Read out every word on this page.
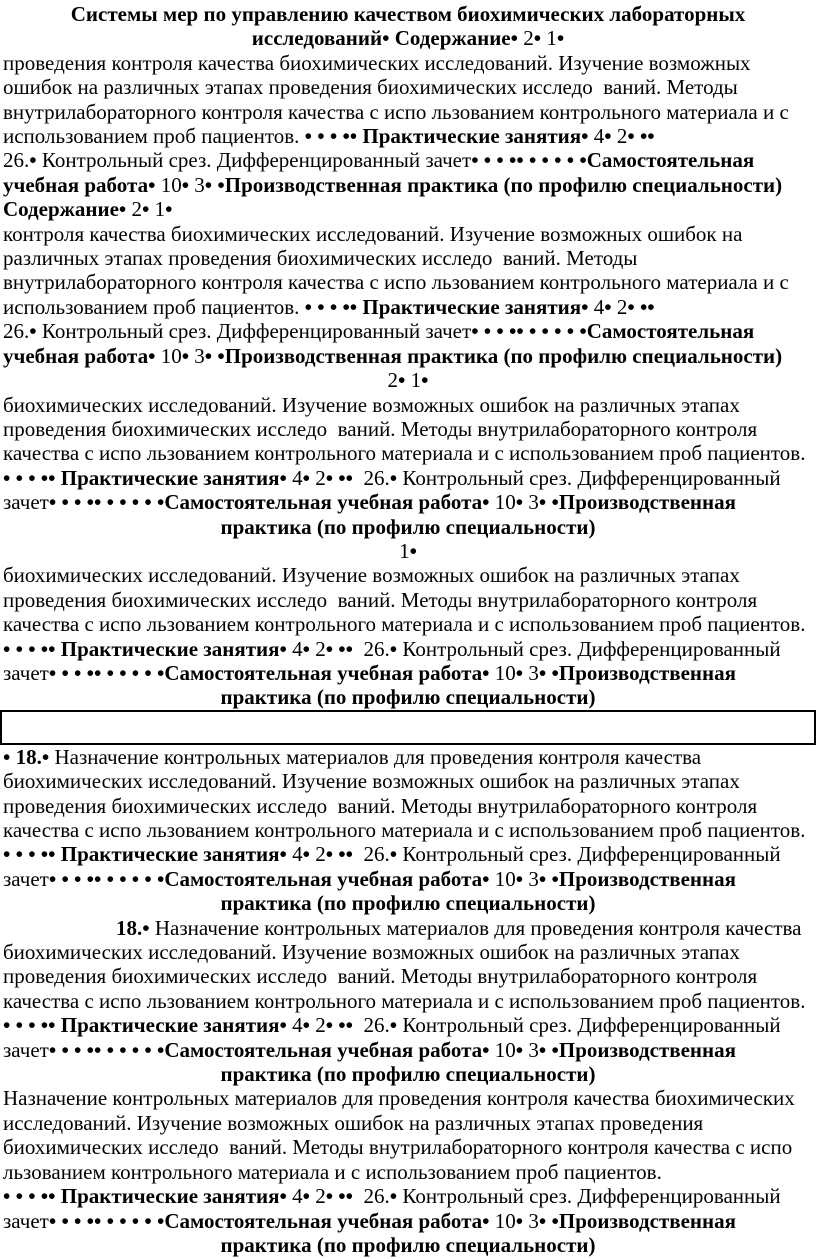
Системы мер по управлению качеством биохимических лабораторных
исследований• Содержание• 2• 1•
проведения контроля качества биохимических исследований. Изучение возможных
ошибок на различных этапах проведения биохимических исследо  ваний. Методы
внутрилабораторного контроля качества с испо льзованием контрольного материала и с
использованием проб пациентов. • • • •• Практические занятия• 4• 2• ••
26.• Контрольный срез. Дифференцированный зачет• • • •• • • • • •Самостоятельная
учебная работа• 10• 3• •Производственная практика (по профилю специальности)
Содержание• 2• 1•
контроля качества биохимических исследований. Изучение возможных ошибок на
различных этапах проведения биохимических исследо  ваний. Методы
внутрилабораторного контроля качества с испо льзованием контрольного материала и с
использованием проб пациентов. • • • •• Практические занятия• 4• 2• ••
26.• Контрольный срез. Дифференцированный зачет• • • •• • • • • •Самостоятельная
учебная работа• 10• 3• •Производственная практика (по профилю специальности)
2• 1•
биохимических исследований. Изучение возможных ошибок на различных этапах
проведения биохимических исследо  ваний. Методы внутрилабораторного контроля
качества с испо льзованием контрольного материала и с использованием проб пациентов.
• • • •• Практические занятия• 4• 2• ••  26.• Контрольный срез. Дифференцированный
зачет• • • •• • • • • •Самостоятельная учебная работа• 10• 3• •Производственная
практика (по профилю специальности)
1•
биохимических исследований. Изучение возможных ошибок на различных этапах
проведения биохимических исследо  ваний. Методы внутрилабораторного контроля
качества с испо льзованием контрольного материала и с использованием проб пациентов.
• • • •• Практические занятия• 4• 2• ••  26.• Контрольный срез. Дифференцированный
зачет• • • •• • • • • •Самостоятельная учебная работа• 10• 3• •Производственная
практика (по профилю специальности)
• 18.• Назначение контрольных материалов для проведения контроля качества
биохимических исследований. Изучение возможных ошибок на различных этапах
проведения биохимических исследо  ваний. Методы внутрилабораторного контроля
качества с испо льзованием контрольного материала и с использованием проб пациентов.
• • • •• Практические занятия• 4• 2• ••  26.• Контрольный срез. Дифференцированный
зачет• • • •• • • • • •Самостоятельная учебная работа• 10• 3• •Производственная
практика (по профилю специальности)
18.• Назначение контрольных материалов для проведения контроля качества
биохимических исследований. Изучение возможных ошибок на различных этапах
проведения биохимических исследо  ваний. Методы внутрилабораторного контроля
качества с испо льзованием контрольного материала и с использованием проб пациентов.
• • • •• Практические занятия• 4• 2• ••  26.• Контрольный срез. Дифференцированный
зачет• • • •• • • • • •Самостоятельная учебная работа• 10• 3• •Производственная
практика (по профилю специальности)
Назначение контрольных материалов для проведения контроля качества биохимических
исследований. Изучение возможных ошибок на различных этапах проведения
биохимических исследо  ваний. Методы внутрилабораторного контроля качества с испо
льзованием контрольного материала и с использованием проб пациентов.
• • • •• Практические занятия• 4• 2• ••  26.• Контрольный срез. Дифференцированный
зачет• • • •• • • • • •Самостоятельная учебная работа• 10• 3• •Производственная
практика (по профилю специальности)
